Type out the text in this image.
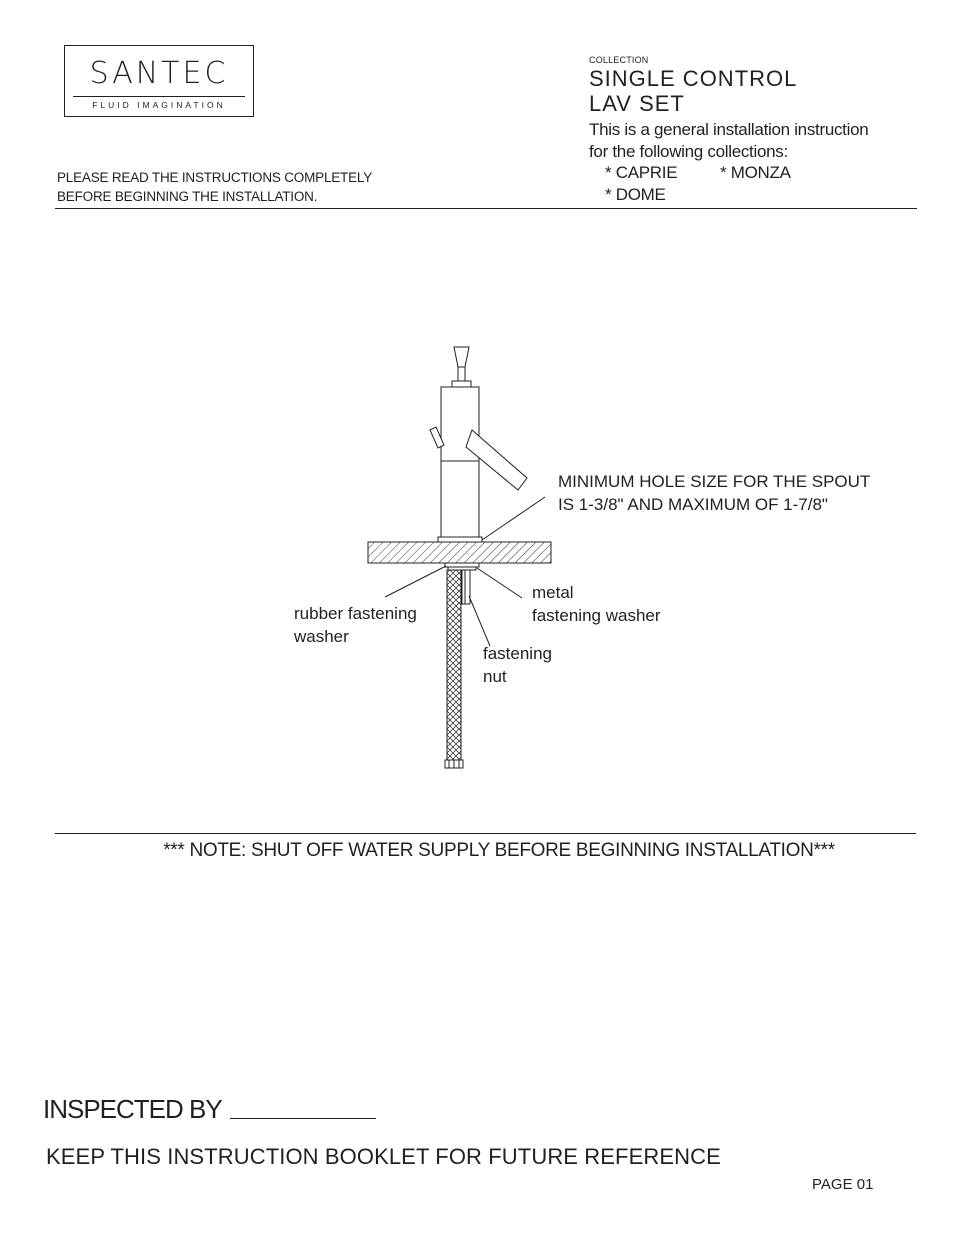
SANTEC
FLUID IMAGINATION
COLLECTION
SINGLE CONTROL
LAV SET
This is a general installation instruction
for the following collections:
* CAPRIE	* MONZA
* DOME
PLEASE READ THE INSTRUCTIONS COMPLETELY
BEFORE BEGINNING THE INSTALLATION.
MINIMUM HOLE SIZE FOR THE SPOUT
IS 1-3/8" AND MAXIMUM OF 1-7/8"
rubber fastening
washer
metal
fastening washer
fastening
nut
*** NOTE: SHUT OFF WATER SUPPLY BEFORE BEGINNING INSTALLATION***
INSPECTED BY
KEEP THIS INSTRUCTION BOOKLET FOR FUTURE REFERENCE
PAGE 01
